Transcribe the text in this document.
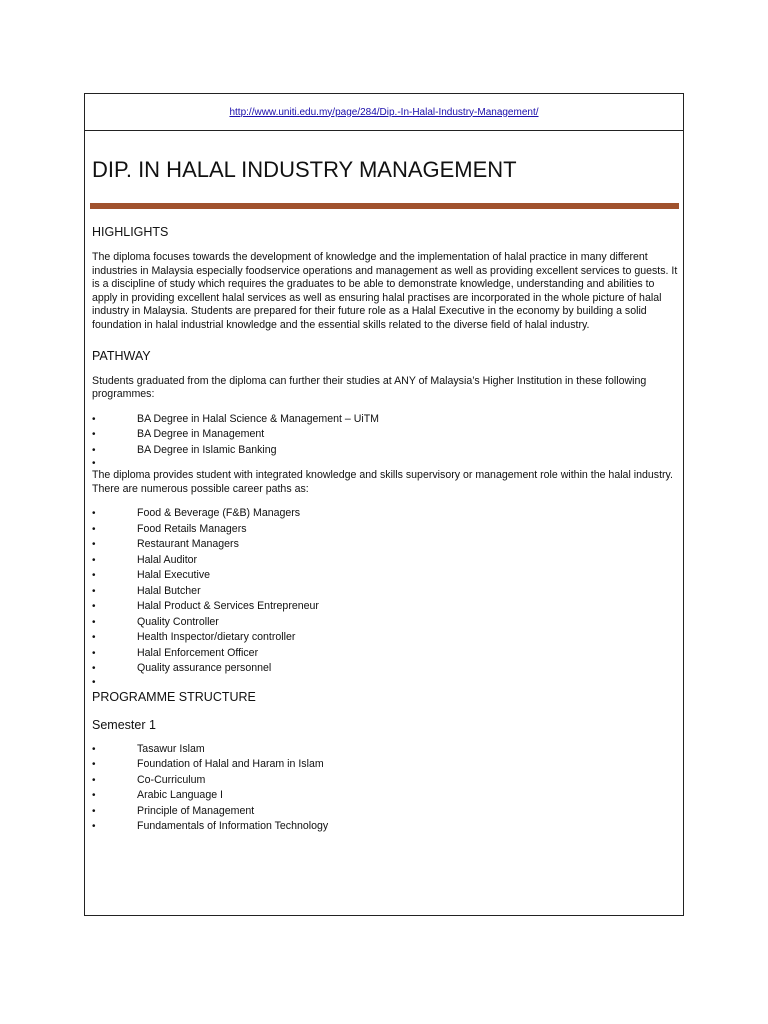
http://www.uniti.edu.my/page/284/Dip.-In-Halal-Industry-Management/
DIP. IN HALAL INDUSTRY MANAGEMENT
HIGHLIGHTS

The diploma focuses towards the development of knowledge and the implementation of halal practice in many different industries in Malaysia especially foodservice operations and management as well as providing excellent services to guests. It is a discipline of study which requires the graduates to be able to demonstrate knowledge, understanding and abilities to apply in providing excellent halal services as well as ensuring halal practises are incorporated in the whole picture of halal industry in Malaysia. Students are prepared for their future role as a Halal Executive in the economy by building a solid foundation in halal industrial knowledge and the essential skills related to the diverse field of halal industry.

PATHWAY

Students graduated from the diploma can further their studies at ANY of Malaysia’s Higher Institution in these following programmes:

• BA Degree in Halal Science & Management – UiTM
• BA Degree in Management
• BA Degree in Islamic Banking
•

The diploma provides student with integrated knowledge and skills supervisory or management role within the halal industry. There are numerous possible career paths as:

• Food & Beverage (F&B) Managers
• Food Retails Managers
• Restaurant Managers
• Halal Auditor
• Halal Executive
• Halal Butcher
• Halal Product & Services Entrepreneur
• Quality Controller
• Health Inspector/dietary controller
• Halal Enforcement Officer
• Quality assurance personnel
•
PROGRAMME STRUCTURE
Semester 1
• Tasawur Islam
• Foundation of Halal and Haram in Islam
• Co-Curriculum
• Arabic Language I
• Principle of Management
• Fundamentals of Information Technology
